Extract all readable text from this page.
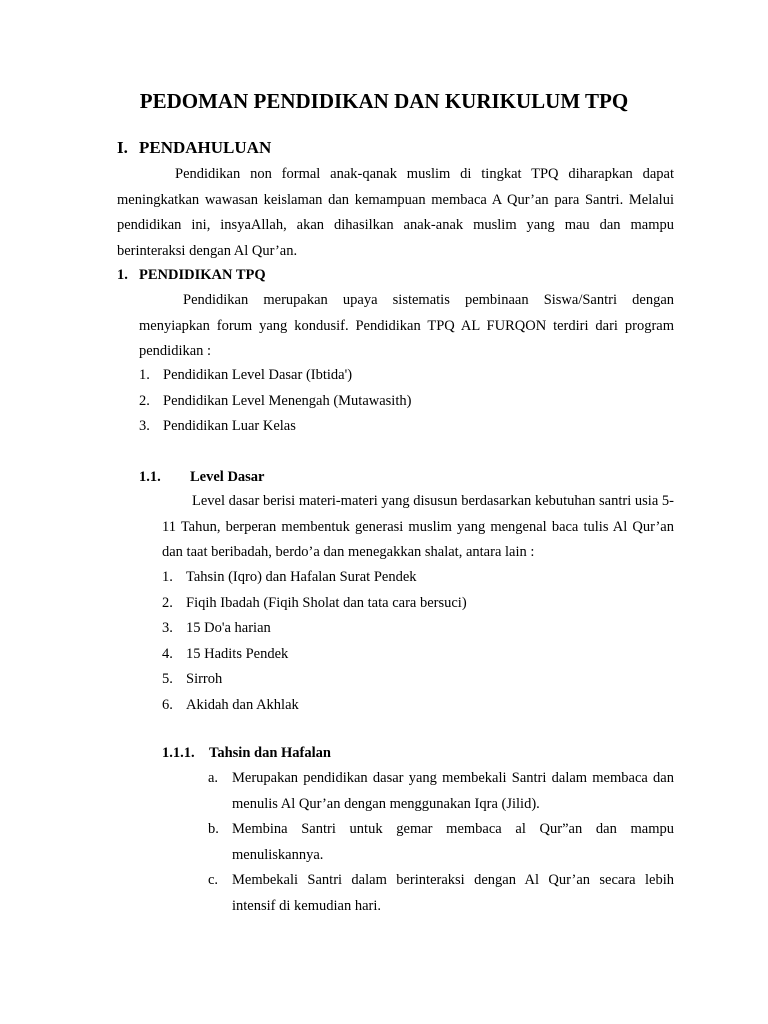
PEDOMAN PENDIDIKAN DAN KURIKULUM TPQ
I. PENDAHULUAN

Pendidikan non formal anak-qanak muslim di tingkat TPQ diharapkan dapat meningkatkan wawasan keislaman dan kemampuan membaca A Qur’an para Santri. Melalui pendidikan ini, insyaAllah, akan dihasilkan anak-anak muslim yang mau dan mampu berinteraksi dengan Al Qur’an.

1. PENDIDIKAN TPQ

Pendidikan merupakan upaya sistematis pembinaan Siswa/Santri dengan menyiapkan forum yang kondusif. Pendidikan TPQ AL FURQON terdiri dari program pendidikan :

1. Pendidikan Level Dasar (Ibtida')
2. Pendidikan Level Menengah (Mutawasith)
3. Pendidikan Luar Kelas
1.1. Level Dasar

Level dasar berisi materi-materi yang disusun berdasarkan kebutuhan santri usia 5-11 Tahun, berperan membentuk generasi muslim yang mengenal baca tulis Al Qur’an dan taat beribadah, berdo’a dan menegakkan shalat, antara lain :

1. Tahsin (Iqro) dan Hafalan Surat Pendek
2. Fiqih Ibadah (Fiqih Sholat dan tata cara bersuci)
3. 15 Do'a harian
4. 15 Hadits Pendek
5. Sirroh
6. Akidah dan Akhlak
1.1.1. Tahsin dan Hafalan
a. Merupakan pendidikan dasar yang membekali Santri dalam membaca dan menulis Al Qur’an dengan menggunakan Iqra (Jilid).
b. Membina Santri untuk gemar membaca al Qur”an dan mampu menuliskannya.
c. Membekali Santri dalam berinteraksi dengan Al Qur’an secara lebih intensif di kemudian hari.
